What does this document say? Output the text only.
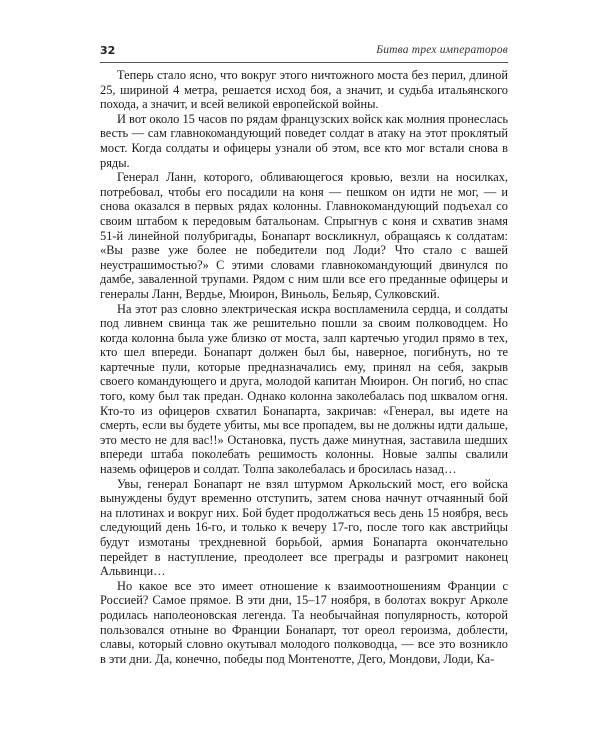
32	Битва трех императоров

Теперь стало ясно, что вокруг этого ничтожного моста без перил, длиной 25, шириной 4 метра, решается исход боя, а значит, и судьба итальянского похода, а значит, и всей великой европейской войны.

И вот около 15 часов по рядам французских войск как молния пронеслась весть — сам главнокомандующий поведет солдат в атаку на этот проклятый мост. Когда солдаты и офицеры узнали об этом, все кто мог встали снова в ряды.

Генерал Ланн, которого, обливающегося кровью, везли на носилках, потребовал, чтобы его посадили на коня — пешком он идти не мог, — и снова оказался в первых рядах колонны. Главнокомандующий подъехал со своим штабом к передовым батальонам. Спрыгнув с коня и схватив знамя 51-й линейной полубригады, Бонапарт воскликнул, обращаясь к солдатам: «Вы разве уже более не победители под Лоди? Что стало с вашей неустрашимостью?» С этими словами главнокомандующий двинулся по дамбе, заваленной трупами. Рядом с ним шли все его преданные офицеры и генералы Ланн, Вердье, Мюирон, Виньоль, Бельяр, Сулковский.

На этот раз словно электрическая искра воспламенила сердца, и солдаты под ливнем свинца так же решительно пошли за своим полководцем. Но когда колонна была уже близко от моста, залп картечью угодил прямо в тех, кто шел впереди. Бонапарт должен был бы, наверное, погибнуть, но те картечные пули, которые предназначались ему, принял на себя, закрыв своего командующего и друга, молодой капитан Мюирон. Он погиб, но спас того, кому был так предан. Однако колонна заколебалась под шквалом огня. Кто-то из офицеров схватил Бонапарта, закричав: «Генерал, вы идете на смерть, если вы будете убиты, мы все пропадем, вы не должны идти дальше, это место не для вас!!» Остановка, пусть даже минутная, заставила шедших впереди штаба поколебать решимость колонны. Новые залпы свалили наземь офицеров и солдат. Толпа заколебалась и бросилась назад…

Увы, генерал Бонапарт не взял штурмом Аркольский мост, его войска вынуждены будут временно отступить, затем снова начнут отчаянный бой на плотинах и вокруг них. Бой будет продолжаться весь день 15 ноября, весь следующий день 16-го, и только к вечеру 17-го, после того как австрийцы будут измотаны трехдневной борьбой, армия Бонапарта окончательно перейдет в наступление, преодолеет все преграды и разгромит наконец Альвинци…

Но какое все это имеет отношение к взаимоотношениям Франции с Россией? Самое прямое. В эти дни, 15–17 ноября, в болотах вокруг Арколе родилась наполеоновская легенда. Та необычайная популярность, которой пользовался отныне во Франции Бонапарт, тот ореол героизма, доблести, славы, который словно окутывал молодого полководца, — все это возникло в эти дни. Да, конечно, победы под Монтенотте, Дего, Мондови, Лоди, Ка-
